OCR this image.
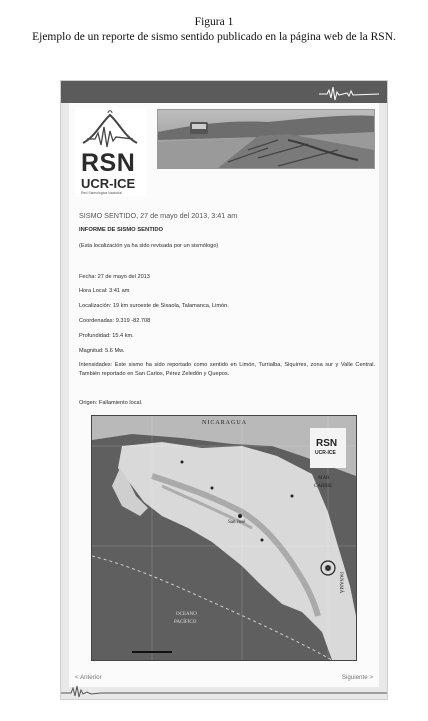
Figura 1
Ejemplo de un reporte de sismo sentido publicado en la página web de la RSN.
RSN
UCR-ICE
Red Sismológica Nacional
SISMO SENTIDO, 27 de mayo del 2013, 3:41 am
INFORME DE SISMO SENTIDO
(Esta localización ya ha sido revisada por un sismólogo)
Fecha: 27 de mayo del 2013
Hora Local: 3:41 am
Localización: 19 km suroeste de Sixaola, Talamanca, Limón.
Coordenadas: 9.319 -82.708
Profundidad: 15.4 km.
Magnitud: 5.6 Mw.
Intensidades: Este sismo ha sido reportado como sentido en Limón, Turrialba, Siquirres, zona sur y Valle Central. También reportado en San Carlos, Pérez Zeledón y Quepos.
Origen: Fallamiento local.
NICARAGUA
MAR
CARIBE
San José
OCEANO
PACÍFICO
PANAMÁ
RSN
UCR-ICE
< Anterior	Siguiente >
